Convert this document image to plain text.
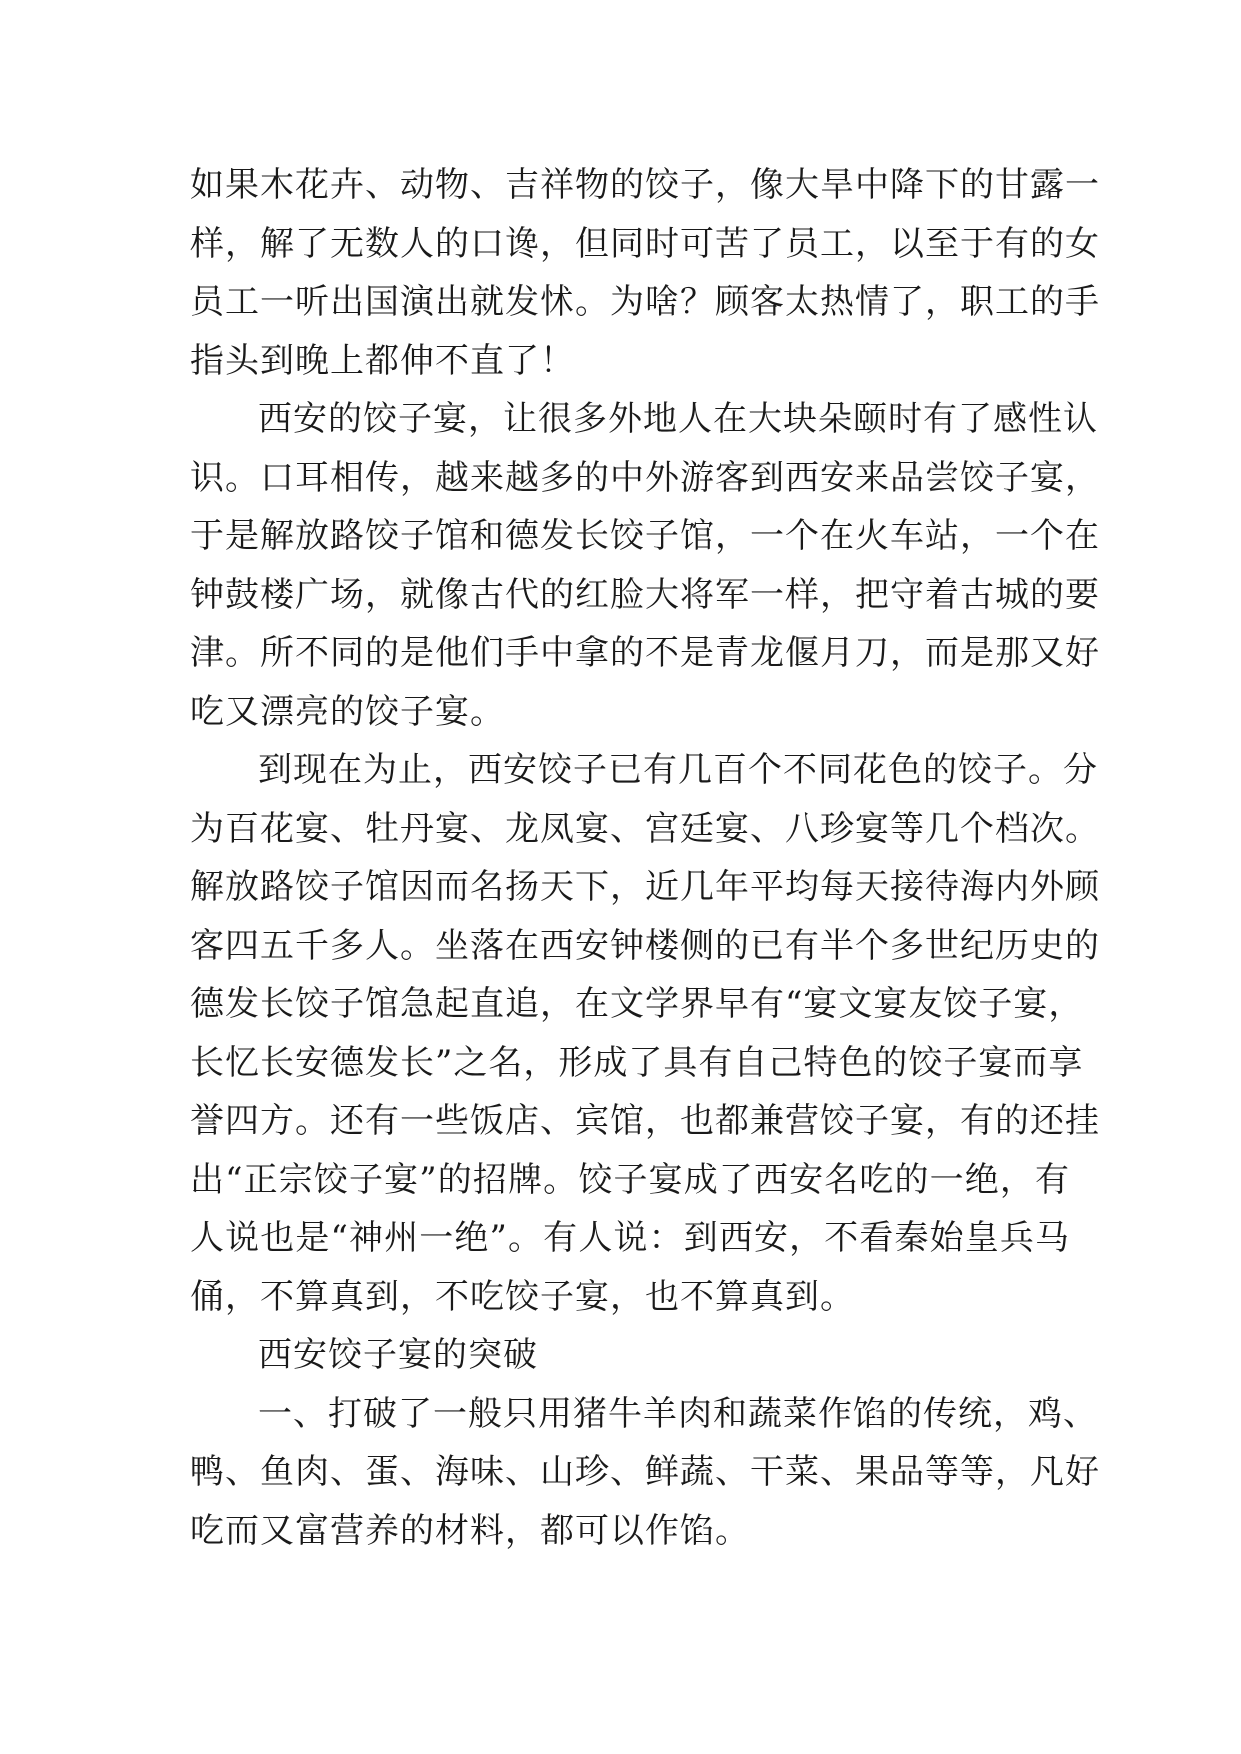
如果木花卉、动物、吉祥物的饺子，像大旱中降下的甘露一
样，解了无数人的口谗，但同时可苦了员工，以至于有的女
员工一听出国演出就发怵。为啥？顾客太热情了，职工的手
指头到晚上都伸不直了！
西安的饺子宴，让很多外地人在大块朵颐时有了感性认
识。口耳相传，越来越多的中外游客到西安来品尝饺子宴，
于是解放路饺子馆和德发长饺子馆，一个在火车站，一个在
钟鼓楼广场，就像古代的红脸大将军一样，把守着古城的要
津。所不同的是他们手中拿的不是青龙偃月刀，而是那又好
吃又漂亮的饺子宴。
到现在为止，西安饺子已有几百个不同花色的饺子。分
为百花宴、牡丹宴、龙凤宴、宫廷宴、八珍宴等几个档次。
解放路饺子馆因而名扬天下，近几年平均每天接待海内外顾
客四五千多人。坐落在西安钟楼侧的已有半个多世纪历史的
德发长饺子馆急起直追，在文学界早有“宴文宴友饺子宴，
长忆长安德发长”之名，形成了具有自己特色的饺子宴而享
誉四方。还有一些饭店、宾馆，也都兼营饺子宴，有的还挂
出“正宗饺子宴”的招牌。饺子宴成了西安名吃的一绝，有
人说也是“神州一绝”。有人说：到西安，不看秦始皇兵马
俑，不算真到，不吃饺子宴，也不算真到。
西安饺子宴的突破
一、打破了一般只用猪牛羊肉和蔬菜作馅的传统，鸡、
鸭、鱼肉、蛋、海味、山珍、鲜蔬、干菜、果品等等，凡好
吃而又富营养的材料，都可以作馅。
